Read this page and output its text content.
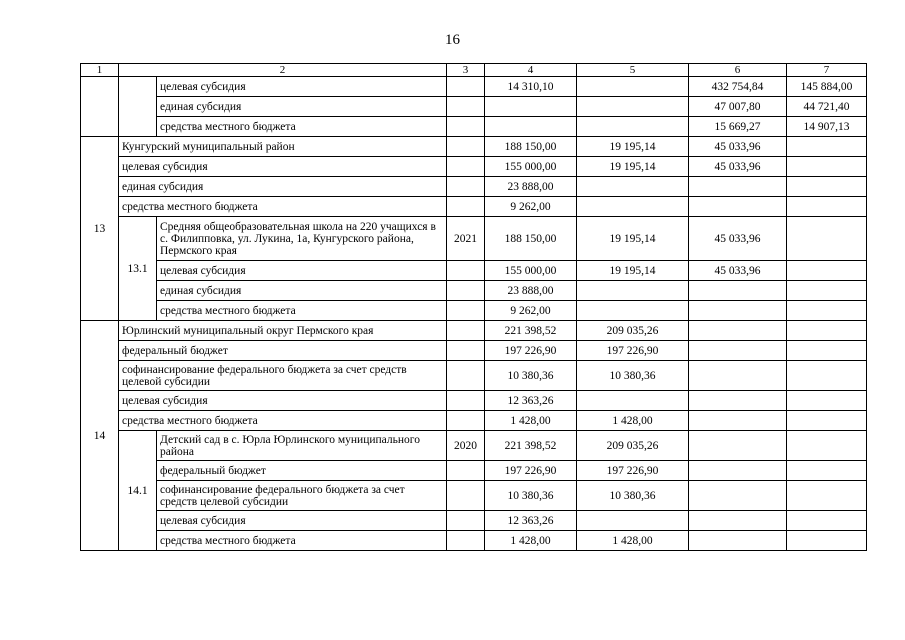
16
1	2		3	4	5	6	7
		целевая субсидия		14 310,10		432 754,84	145 884,00
		единая субсидия				47 007,80	44 721,40
		средства местного бюджета				15 669,27	14 907,13
13	Кунгурский муниципальный район			188 150,00	19 195,14	45 033,96	
	целевая субсидия			155 000,00	19 195,14	45 033,96	
	единая субсидия			23 888,00			
	средства местного бюджета			9 262,00			
	13.1	Средняя общеобразовательная школа на 220 учащихся в с. Филипповка, ул. Лукина, 1а, Кунгурского района, Пермского края	2021	188 150,00	19 195,14	45 033,96	
		целевая субсидия		155 000,00	19 195,14	45 033,96	
		единая субсидия		23 888,00			
		средства местного бюджета		9 262,00			
14	Юрлинский муниципальный округ Пермского края			221 398,52	209 035,26		
	федеральный бюджет			197 226,90	197 226,90		
	софинансирование федерального бюджета за счет средств целевой субсидии			10 380,36	10 380,36		
	целевая субсидия			12 363,26			
	средства местного бюджета			1 428,00	1 428,00		
	14.1	Детский сад в с. Юрла Юрлинского муниципального района	2020	221 398,52	209 035,26		
		федеральный бюджет		197 226,90	197 226,90		
		софинансирование федерального бюджета за счет средств целевой субсидии		10 380,36	10 380,36		
		целевая субсидия		12 363,26			
		средства местного бюджета		1 428,00	1 428,00		
